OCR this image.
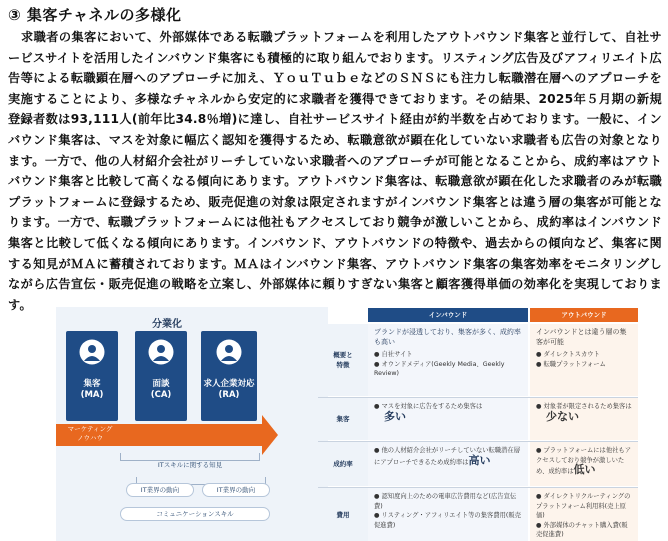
③ 集客チャネルの多様化
求職者の集客において、外部媒体である転職プラットフォームを利用したアウトバウンド集客と並行して、自社サービスサイトを活用したインバウンド集客にも積極的に取り組んでおります。リスティング広告及びアフィリエイト広告等による転職顕在層へのアプローチに加え、ＹｏｕＴｕｂｅなどのＳＮＳにも注力し転職潜在層へのアプローチを実施することにより、多様なチャネルから安定的に求職者を獲得できております。その結果、2025年５月期の新規登録者数は93,111人(前年比34.8％増)に達し、自社サービスサイト経由が約半数を占めております。一般に、インバウンド集客は、マスを対象に幅広く認知を獲得するため、転職意欲が顕在化していない求職者も広告の対象となります。一方で、他の人材紹介会社がリーチしていない求職者へのアプローチが可能となることから、成約率はアウトバウンド集客と比較して高くなる傾向にあります。アウトバウンド集客は、転職意欲が顕在化した求職者のみが転職プラットフォームに登録するため、販売促進の対象は限定されますがインバウンド集客とは違う層の集客が可能となります。一方で、転職プラットフォームには他社もアクセスしており競争が激しいことから、成約率はインバウンド集客と比較して低くなる傾向にあります。インバウンド、アウトバウンドの特徴や、過去からの傾向など、集客に関する知見がＭＡに蓄積されております。ＭＡはインバウンド集客、アウトバウンド集客の集客効率をモニタリングしながら広告宣伝・販売促進の戦略を立案し、外部媒体に頼りすぎない集客と顧客獲得単価の効率化を実現しております。
分業化
集客
(MA)
面談
(CA)
求人企業対応
(RA)
マーケティング
ノウハウ
ITスキルに関する知見
IT業界の動向	IT業界の動向
コミュニケーションスキル
インバウンド	アウトバウンド
概要と
特徴
ブランドが浸透しており、集客が多く、成約率も高い
● 自社サイト
● オウンドメディア(Geekly Media、Geekly Review)
インバウンドとは違う層の集客が可能
● ダイレクトスカウト
● 転職プラットフォーム
集客
● マスを対象に広告をするため集客は
多い
● 対象者が限定されるため集客は
少ない
成約率
● 他の人材紹介会社がリーチしていない転職潜在層にアプローチできるため成約率は高い
● プラットフォームには他社もアクセスしており競争が激しいため、成約率は低い
費用
● 認知度向上のための電車広告費用など(広告宣伝費)
● リスティング・アフィリエイト等の集客費用(販売促進費)
● ダイレクトリクルーティングのプラットフォーム利用料(売上原価)
● 外部媒体のチャット購入費(販売促進費)
